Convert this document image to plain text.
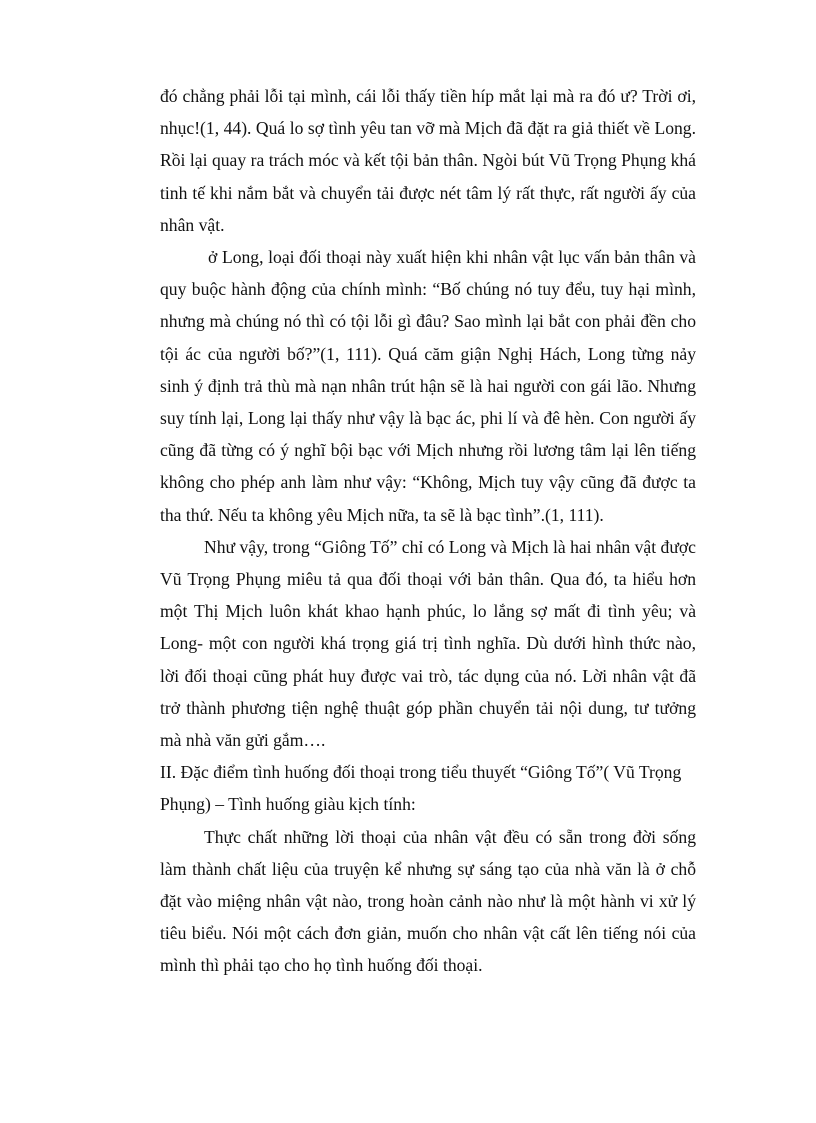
đó chẳng phải lỗi tại mình, cái lỗi thấy tiền híp mắt lại mà ra đó ư? Trời ơi, nhục!(1, 44). Quá lo sợ tình yêu tan vỡ mà Mịch đã đặt ra giả thiết về Long. Rồi lại quay ra trách móc và kết tội bản thân. Ngòi bút Vũ Trọng Phụng khá tinh tế khi nắm bắt và chuyển tải được nét tâm lý rất thực, rất người ấy của nhân vật.

ở Long, loại đối thoại này xuất hiện khi nhân vật lục vấn bản thân và quy buộc hành động của chính mình: “Bố chúng nó tuy đểu, tuy hại mình, nhưng mà chúng nó thì có tội lỗi gì đâu? Sao mình lại bắt con phải đền cho tội ác của người bố?”(1, 111). Quá căm giận Nghị Hách, Long từng nảy sinh ý định trả thù mà nạn nhân trút hận sẽ là hai người con gái lão. Nhưng suy tính lại, Long lại thấy như vậy là bạc ác, phi lí và đê hèn. Con người ấy cũng đã từng có ý nghĩ bội bạc với Mịch nhưng rồi lương tâm lại lên tiếng không cho phép anh làm như vậy: “Không, Mịch tuy vậy cũng đã được ta tha thứ. Nếu ta không yêu Mịch nữa, ta sẽ là bạc tình”.(1, 111).

Như vậy, trong “Giông Tố” chỉ có Long và Mịch là hai nhân vật được Vũ Trọng Phụng miêu tả qua đối thoại với bản thân. Qua đó, ta hiểu hơn một Thị Mịch luôn khát khao hạnh phúc, lo lắng sợ mất đi tình yêu; và Long- một con người khá trọng giá trị tình nghĩa. Dù dưới hình thức nào, lời đối thoại cũng phát huy được vai trò, tác dụng của nó. Lời nhân vật đã trở thành phương tiện nghệ thuật góp phần chuyển tải nội dung, tư tưởng mà nhà văn gửi gắm….

II. Đặc điểm tình huống đối thoại trong tiểu thuyết “Giông Tố”( Vũ Trọng Phụng) – Tình huống giàu kịch tính:

Thực chất những lời thoại của nhân vật đều có sẵn trong đời sống làm thành chất liệu của truyện kể nhưng sự sáng tạo của nhà văn là ở chỗ đặt vào miệng nhân vật nào, trong hoàn cảnh nào như là một hành vi xử lý tiêu biểu. Nói một cách đơn giản, muốn cho nhân vật cất lên tiếng nói của mình thì phải tạo cho họ tình huống đối thoại.
